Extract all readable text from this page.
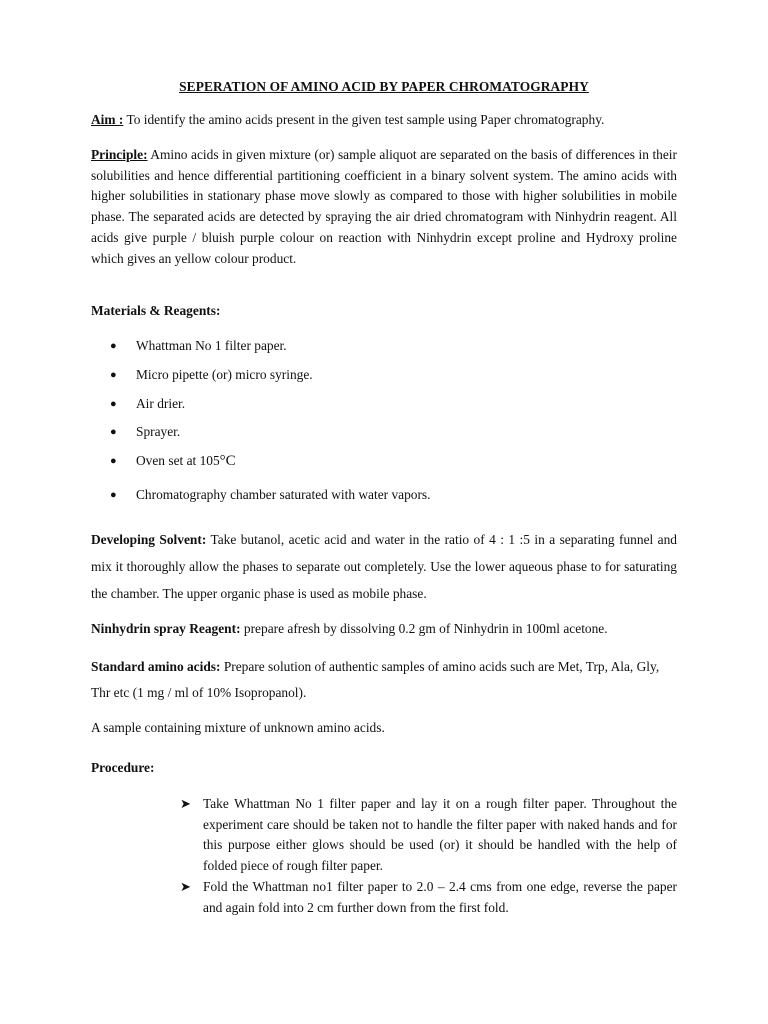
SEPERATION OF AMINO ACID BY PAPER CHROMATOGRAPHY
Aim : To identify the amino acids present in the given test sample using Paper chromatography.
Principle: Amino acids in given mixture (or) sample aliquot are separated on the basis of differences in their solubilities and hence differential partitioning coefficient in a binary solvent system. The amino acids with higher solubilities in stationary phase move slowly as compared to those with higher solubilities in mobile phase. The separated acids are detected by spraying the air dried chromatogram with Ninhydrin reagent. All acids give purple / bluish purple colour on reaction with Ninhydrin except proline and Hydroxy proline which gives an yellow colour product.
Materials & Reagents:
● Whattman No 1 filter paper.
● Micro pipette (or) micro syringe.
● Air drier.
● Sprayer.
● Oven set at 105°C
● Chromatography chamber saturated with water vapors.
Developing Solvent: Take butanol, acetic acid and water in the ratio of 4 : 1 :5 in a separating funnel and mix it thoroughly allow the phases to separate out completely. Use the lower aqueous phase to for saturating the chamber. The upper organic phase is used as mobile phase.
Ninhydrin spray Reagent: prepare afresh by dissolving 0.2 gm of Ninhydrin in 100ml acetone.
Standard amino acids: Prepare solution of authentic samples of amino acids such are Met, Trp, Ala, Gly, Thr etc (1 mg / ml of 10% Isopropanol).
A sample containing mixture of unknown amino acids.
Procedure:
➤ Take Whattman No 1 filter paper and lay it on a rough filter paper. Throughout the experiment care should be taken not to handle the filter paper with naked hands and for this purpose either glows should be used (or) it should be handled with the help of folded piece of rough filter paper.
➤ Fold the Whattman no1 filter paper to 2.0 – 2.4 cms from one edge, reverse the paper and again fold into 2 cm further down from the first fold.
